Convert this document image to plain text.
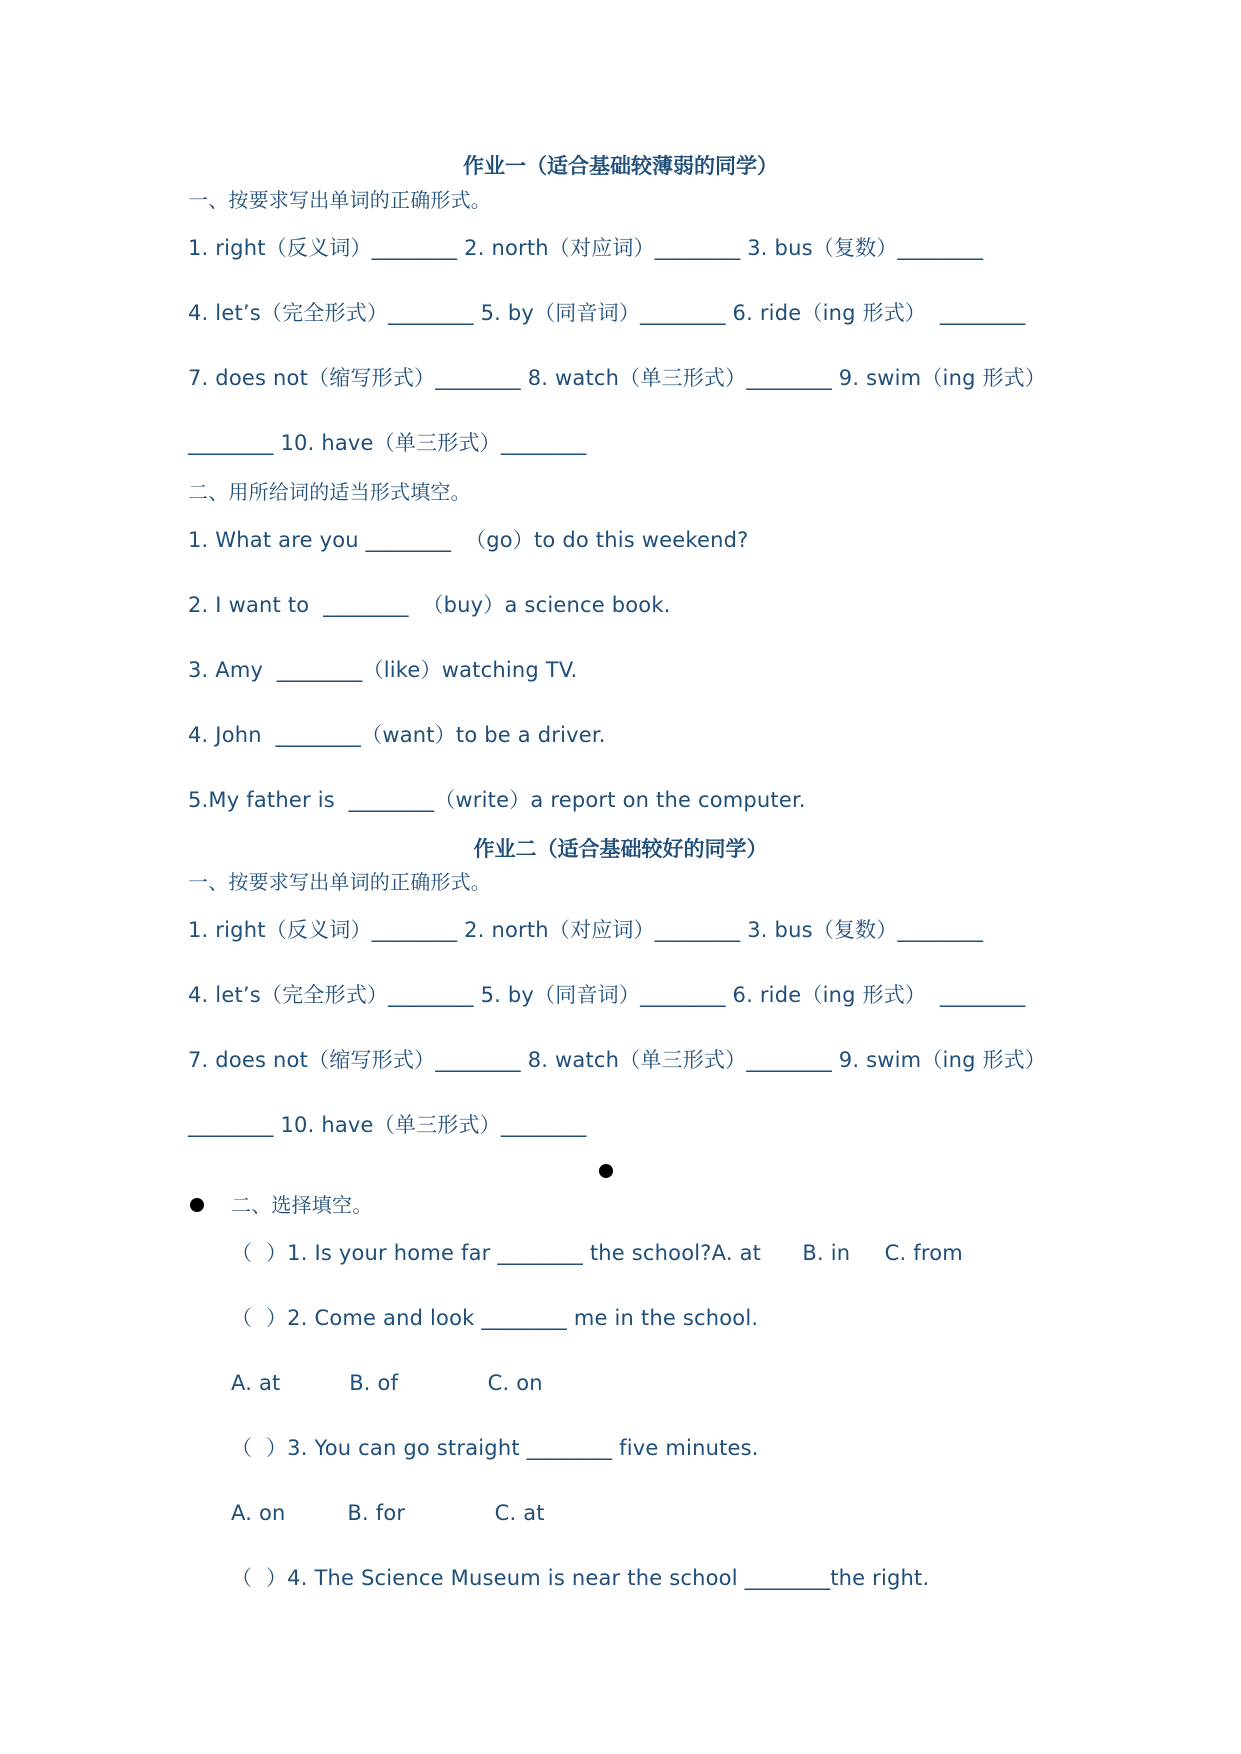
作业一（适合基础较薄弱的同学）
一、按要求写出单词的正确形式。
1. right（反义词）________ 2. north（对应词）________ 3. bus（复数）________
4. let’s（完全形式）________ 5. by（同音词）________ 6. ride（ing 形式）  ________
7. does not（缩写形式）________ 8. watch（单三形式）________ 9. swim（ing 形式）
________ 10. have（单三形式）________
二、用所给词的适当形式填空。
1. What are you ________  （go）to do this weekend?
2. I want to  ________  （buy）a science book.
3. Amy  ________（like）watching TV.
4. John  ________（want）to be a driver.
5.My father is  ________（write）a report on the computer.
作业二（适合基础较好的同学）
一、按要求写出单词的正确形式。
1. right（反义词）________ 2. north（对应词）________ 3. bus（复数）________
4. let’s（完全形式）________ 5. by（同音词）________ 6. ride（ing 形式）  ________
7. does not（缩写形式）________ 8. watch（单三形式）________ 9. swim（ing 形式）
________ 10. have（单三形式）________
二、选择填空。
（  ）1. Is your home far ________ the school?A. at      B. in     C. from
（  ）2. Come and look ________ me in the school.
A. at          B. of             C. on
（  ）3. You can go straight ________ five minutes.
A. on         B. for             C. at
（  ）4. The Science Museum is near the school ________the right.
